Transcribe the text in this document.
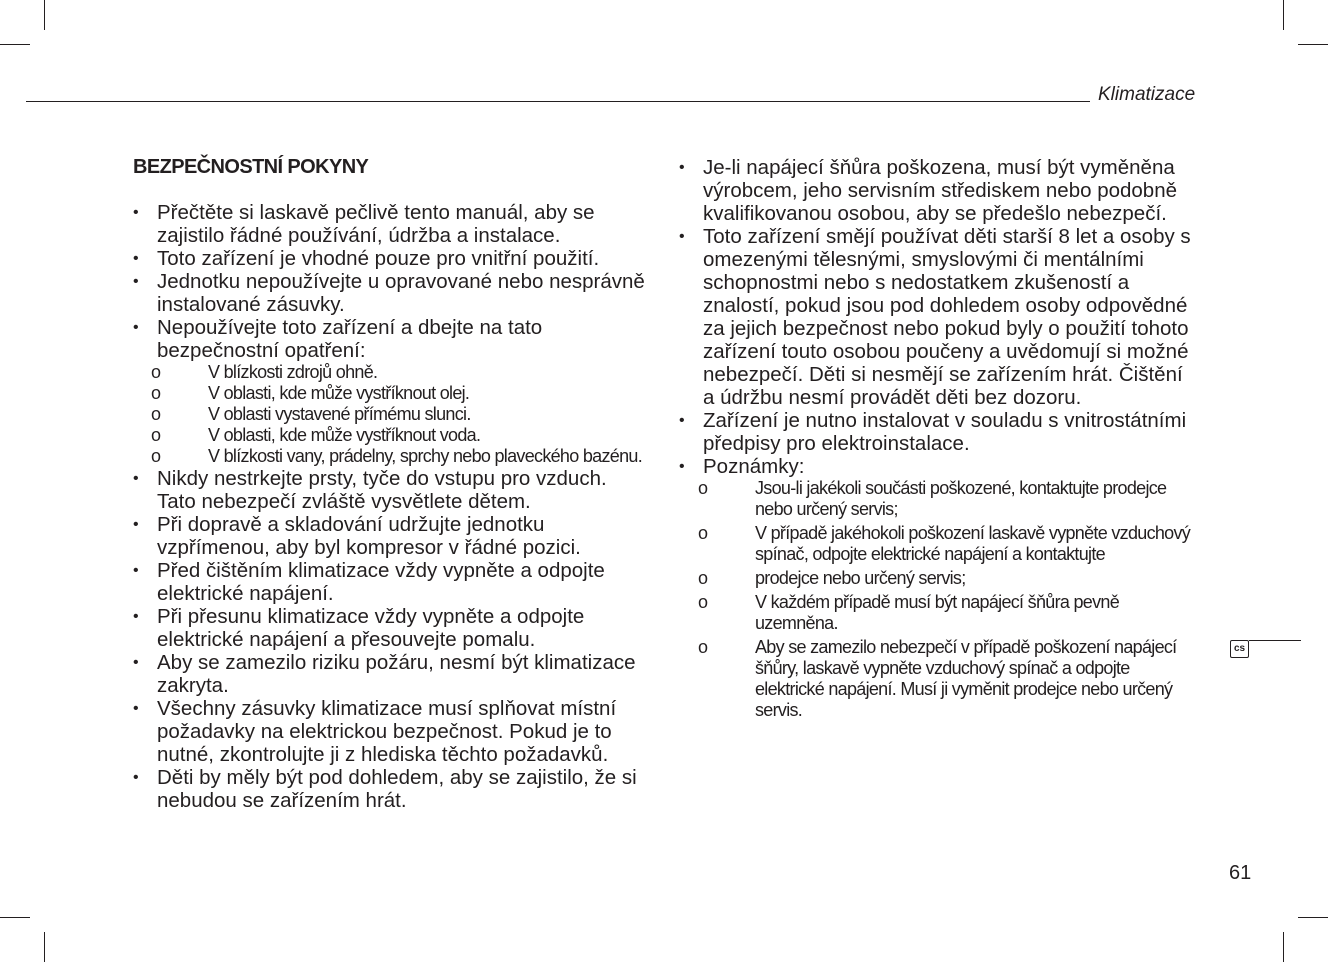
Klimatizace
BEZPEČNOSTNÍ POKYNY
• Přečtěte si laskavě pečlivě tento manuál, aby se zajistilo řádné používání, údržba a instalace.
• Toto zařízení je vhodné pouze pro vnitřní použití.
• Jednotku nepoužívejte u opravované nebo nesprávně instalované zásuvky.
• Nepoužívejte toto zařízení a dbejte na tato bezpečnostní opatření:
o	V blízkosti zdrojů ohně.
o	V oblasti, kde může vystříknout olej.
o	V oblasti vystavené přímému slunci.
o	V oblasti, kde může vystříknout voda.
o	V blízkosti vany, prádelny, sprchy nebo plaveckého bazénu.
• Nikdy nestrkejte prsty, tyče do vstupu pro vzduch. Tato nebezpečí zvláště vysvětlete dětem.
• Při dopravě a skladování udržujte jednotku vzpřímenou, aby byl kompresor v řádné pozici.
• Před čištěním klimatizace vždy vypněte a odpojte elektrické napájení.
• Při přesunu klimatizace vždy vypněte a odpojte elektrické napájení a přesouvejte pomalu.
• Aby se zamezilo riziku požáru, nesmí být klimatizace zakryta.
• Všechny zásuvky klimatizace musí splňovat místní požadavky na elektrickou bezpečnost. Pokud je to nutné, zkontrolujte ji z hlediska těchto požadavků.
• Děti by měly být pod dohledem, aby se zajistilo, že si nebudou se zařízením hrát.
• Je-li napájecí šňůra poškozena, musí být vyměněna výrobcem, jeho servisním střediskem nebo podobně kvalifikovanou osobou, aby se předešlo nebezpečí.
• Toto zařízení smějí používat děti starší 8 let a osoby s omezenými tělesnými, smyslovými či mentálními schopnostmi nebo s nedostatkem zkušeností a znalostí, pokud jsou pod dohledem osoby odpovědné za jejich bezpečnost nebo pokud byly o použití tohoto zařízení touto osobou poučeny a uvědomují si možné nebezpečí. Děti si nesmějí se zařízením hrát. Čištění a údržbu nesmí provádět děti bez dozoru.
• Zařízení je nutno instalovat v souladu s vnitrostátními předpisy pro elektroinstalace.
• Poznámky:
o	Jsou-li jakékoli součásti poškozené, kontaktujte prodejce nebo určený servis;
o	V případě jakéhokoli poškození laskavě vypněte vzduchový spínač, odpojte elektrické napájení a kontaktujte
o	prodejce nebo určený servis;
o	V každém případě musí být napájecí šňůra pevně uzemněna.
o	Aby se zamezilo nebezpečí v případě poškození napájecí šňůry, laskavě vypněte vzduchový spínač a odpojte elektrické napájení. Musí ji vyměnit prodejce nebo určený servis.
cs
61
